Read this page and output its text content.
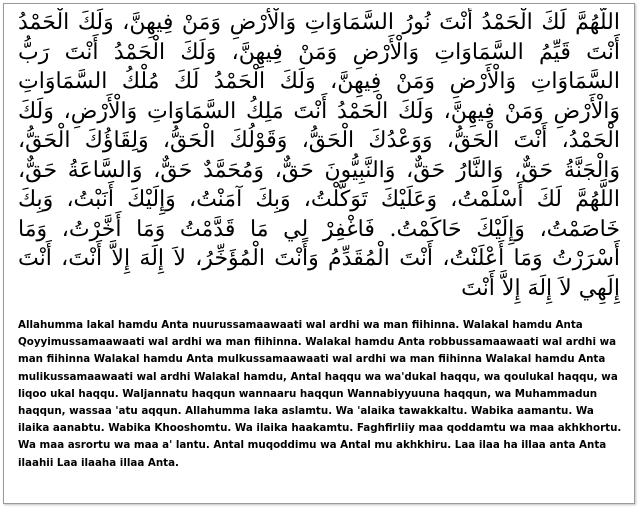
اللَّهُمَّ لَكَ الْحَمْدُ أَنْتَ نُورُ السَّمَاوَاتِ وَالْأَرْضِ وَمَنْ فِيهِنَّ، وَلَكَ الْحَمْدُ أَنْتَ قَيِّمُ السَّمَاوَاتِ وَالْأَرْضِ وَمَنْ فِيهِنَّ، وَلَكَ الْحَمْدُ أَنْتَ رَبُّ السَّمَاوَاتِ وَالْأَرْضِ وَمَنْ فِيهِنَّ، وَلَكَ الْحَمْدُ لَكَ مُلْكُ السَّمَاوَاتِ وَالْأَرْضِ وَمَنْ فِيهِنَّ، وَلَكَ الْحَمْدُ أَنْتَ مَلِكُ السَّمَاوَاتِ وَالْأَرْضِ، وَلَكَ الْحَمْدُ، أَنْتَ الْحَقُّ، وَوَعْدُكَ الْحَقُّ، وَقَوْلُكَ الْحَقُّ، وَلِقَاؤُكَ الْحَقُّ، وَالْجَنَّةُ حَقٌّ، وَالنَّارُ حَقٌّ، وَالنَّبِيُّونَ حَقٌّ، وَمُحَمَّدٌ حَقٌّ، وَالسَّاعَةُ حَقٌّ، اللَّهُمَّ لَكَ أَسْلَمْتُ، وَعَلَيْكَ تَوَكَّلْتُ، وَبِكَ آمَنْتُ، وَإِلَيْكَ أَنَبْتُ، وَبِكَ خَاصَمْتُ، وَإِلَيْكَ حَاكَمْتُ. فَاغْفِرْ لِي مَا قَدَّمْتُ وَمَا أَخَّرْتُ، وَمَا أَسْرَرْتُ وَمَا أَعْلَنْتُ، أَنْتَ الْمُقَدِّمُ وَأَنْتَ الْمُؤَخِّرُ، لاَ إِلَهَ إِلاَّ أَنْتَ، أَنْتَ إِلَهِي لاَ إِلَهَ إِلاَّ أَنْتَ
Allahumma lakal hamdu Anta nuurussamaawaati wal ardhi wa man fiihinna. Walakal hamdu Anta Qoyyimussamaawaati wal ardhi wa man fiihinna. Walakal hamdu Anta robbussamaawaati wal ardhi wa man fiihinna Walakal hamdu Anta mulkussamaawaati wal ardhi wa man fiihinna Walakal hamdu Anta mulikussamaawaati wal ardhi Walakal hamdu, Antal haqqu wa wa'dukal haqqu, wa qoulukal haqqu, wa liqoo ukal haqqu. Waljannatu haqqun wannaaru haqqun Wannabiyyuuna haqqun, wa Muhammadun haqqun, wassaa 'atu aqqun. Allahumma laka aslamtu. Wa 'alaika tawakkaltu. Wabika aamantu. Wa ilaika aanabtu. Wabika Khooshomtu. Wa ilaika haakamtu. Faghfirliiy maa qoddamtu wa maa akhkhortu. Wa maa asrortu wa maa a' lantu. Antal muqoddimu wa Antal mu akhkhiru. Laa ilaa ha illaa anta Anta ilaahii Laa ilaaha illaa Anta.
